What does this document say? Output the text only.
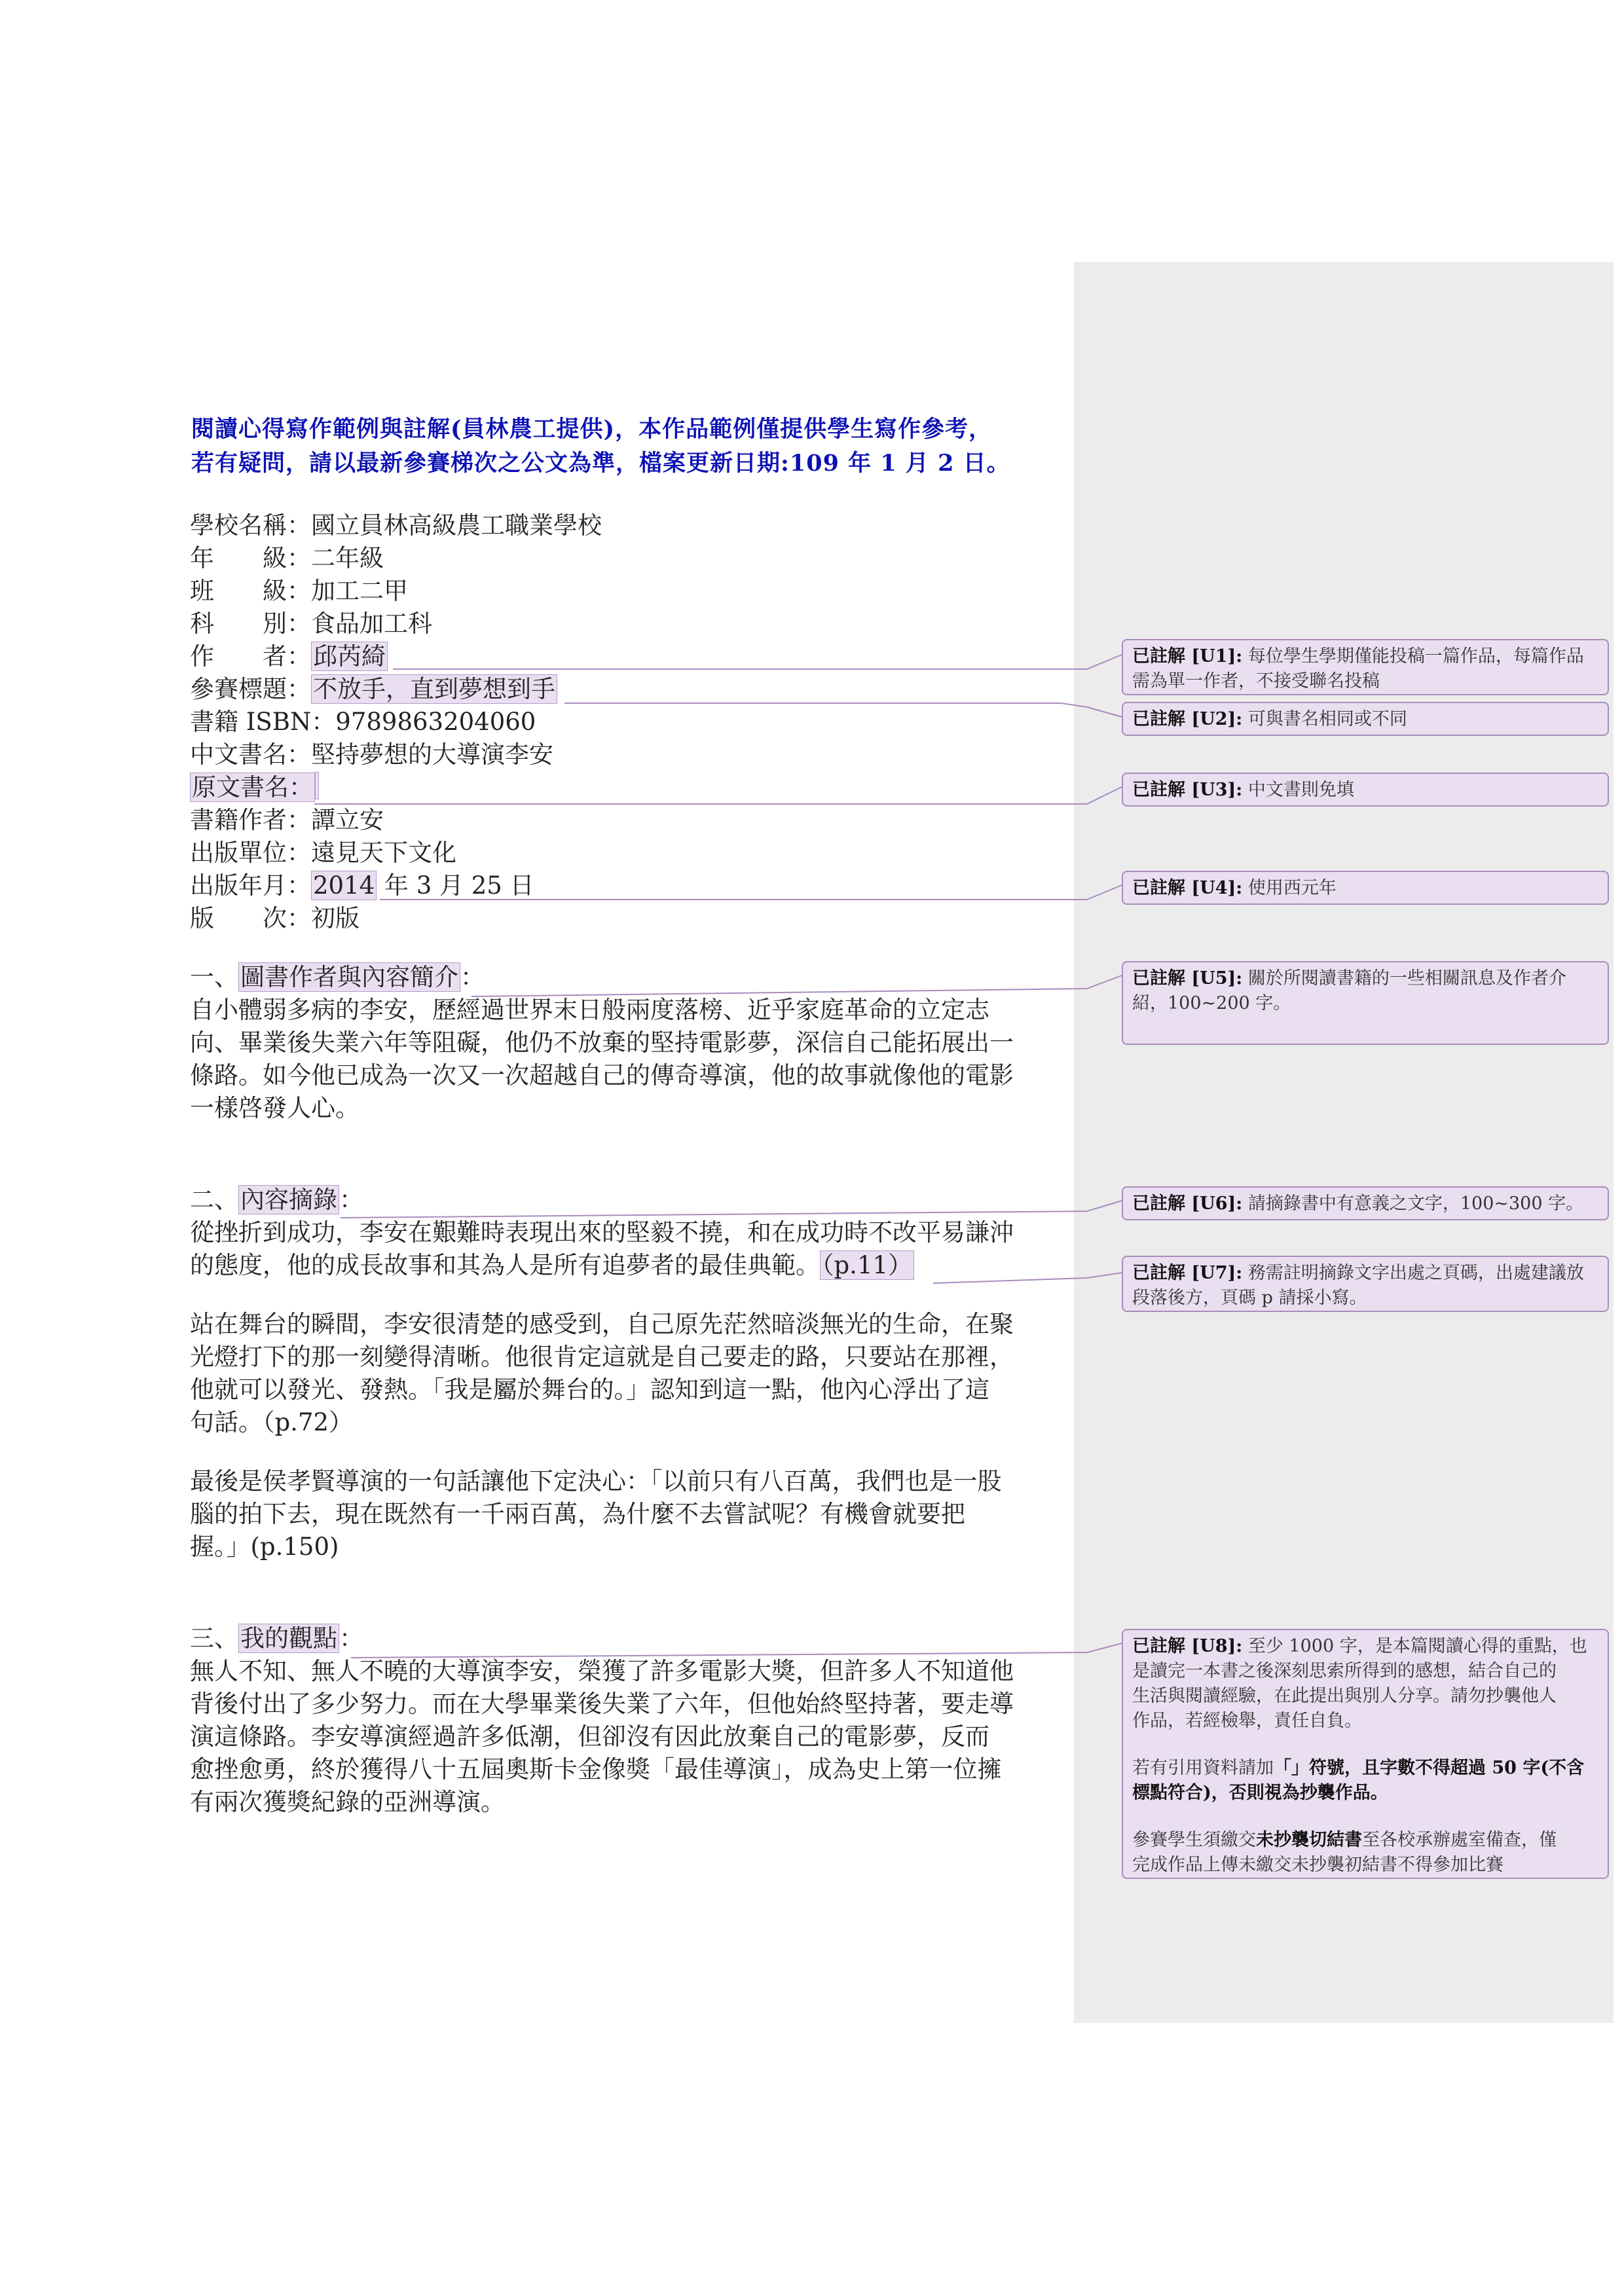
閱讀心得寫作範例與註解(員林農工提供)，本作品範例僅提供學生寫作參考，
若有疑問，請以最新參賽梯次之公文為準，檔案更新日期:109 年 1 月 2 日。
學校名稱：國立員林高級農工職業學校
年　　級：二年級
班　　級：加工二甲
科　　別：食品加工科
作　　者：邱芮綺
參賽標題：不放手，直到夢想到手
書籍 ISBN：9789863204060
中文書名：堅持夢想的大導演李安
原文書名：
書籍作者：譚立安
出版單位：遠見天下文化
出版年月：2014 年 3 月 25 日
版　　次：初版
一、圖書作者與內容簡介：
自小體弱多病的李安，歷經過世界末日般兩度落榜、近乎家庭革命的立定志
向、畢業後失業六年等阻礙，他仍不放棄的堅持電影夢，深信自己能拓展出一
條路。如今他已成為一次又一次超越自己的傳奇導演，他的故事就像他的電影
一樣啓發人心。
二、內容摘錄：
從挫折到成功，李安在艱難時表現出來的堅毅不撓，和在成功時不改平易謙沖
的態度，他的成長故事和其為人是所有追夢者的最佳典範。（p.11）
站在舞台的瞬間，李安很清楚的感受到，自己原先茫然暗淡無光的生命，在聚
光燈打下的那一刻變得清晰。他很肯定這就是自己要走的路，只要站在那裡，
他就可以發光、發熱。「我是屬於舞台的。」認知到這一點，他內心浮出了這
句話。（p.72）
最後是侯孝賢導演的一句話讓他下定決心：「以前只有八百萬，我們也是一股
腦的拍下去，現在既然有一千兩百萬，為什麼不去嘗試呢？有機會就要把
握。」(p.150)
三、我的觀點：
無人不知、無人不曉的大導演李安，榮獲了許多電影大獎，但許多人不知道他
背後付出了多少努力。而在大學畢業後失業了六年，但他始終堅持著，要走導
演這條路。李安導演經過許多低潮，但卻沒有因此放棄自己的電影夢，反而
愈挫愈勇，終於獲得八十五屆奧斯卡金像獎「最佳導演」，成為史上第一位擁
有兩次獲獎紀錄的亞洲導演。

已註解 [U1]: 每位學生學期僅能投稿一篇作品，每篇作品

需為單一作者，不接受聯名投稿

已註解 [U2]: 可與書名相同或不同

已註解 [U3]: 中文書則免填

已註解 [U4]: 使用西元年

已註解 [U5]: 關於所閱讀書籍的一些相關訊息及作者介

紹，100~200 字。

已註解 [U6]: 請摘錄書中有意義之文字，100~300 字。

已註解 [U7]: 務需註明摘錄文字出處之頁碼，出處建議放

段落後方，頁碼 p 請採小寫。

已註解 [U8]: 至少 1000 字，是本篇閱讀心得的重點，也

是讀完一本書之後深刻思索所得到的感想，結合自己的

生活與閱讀經驗，在此提出與別人分享。請勿抄襲他人

作品，若經檢舉，責任自負。

若有引用資料請加「」符號，且字數不得超過 50 字(不含

標點符合)，否則視為抄襲作品。

參賽學生須繳交未抄襲切結書至各校承辦處室備查，僅

完成作品上傳未繳交未抄襲初結書不得參加比賽
